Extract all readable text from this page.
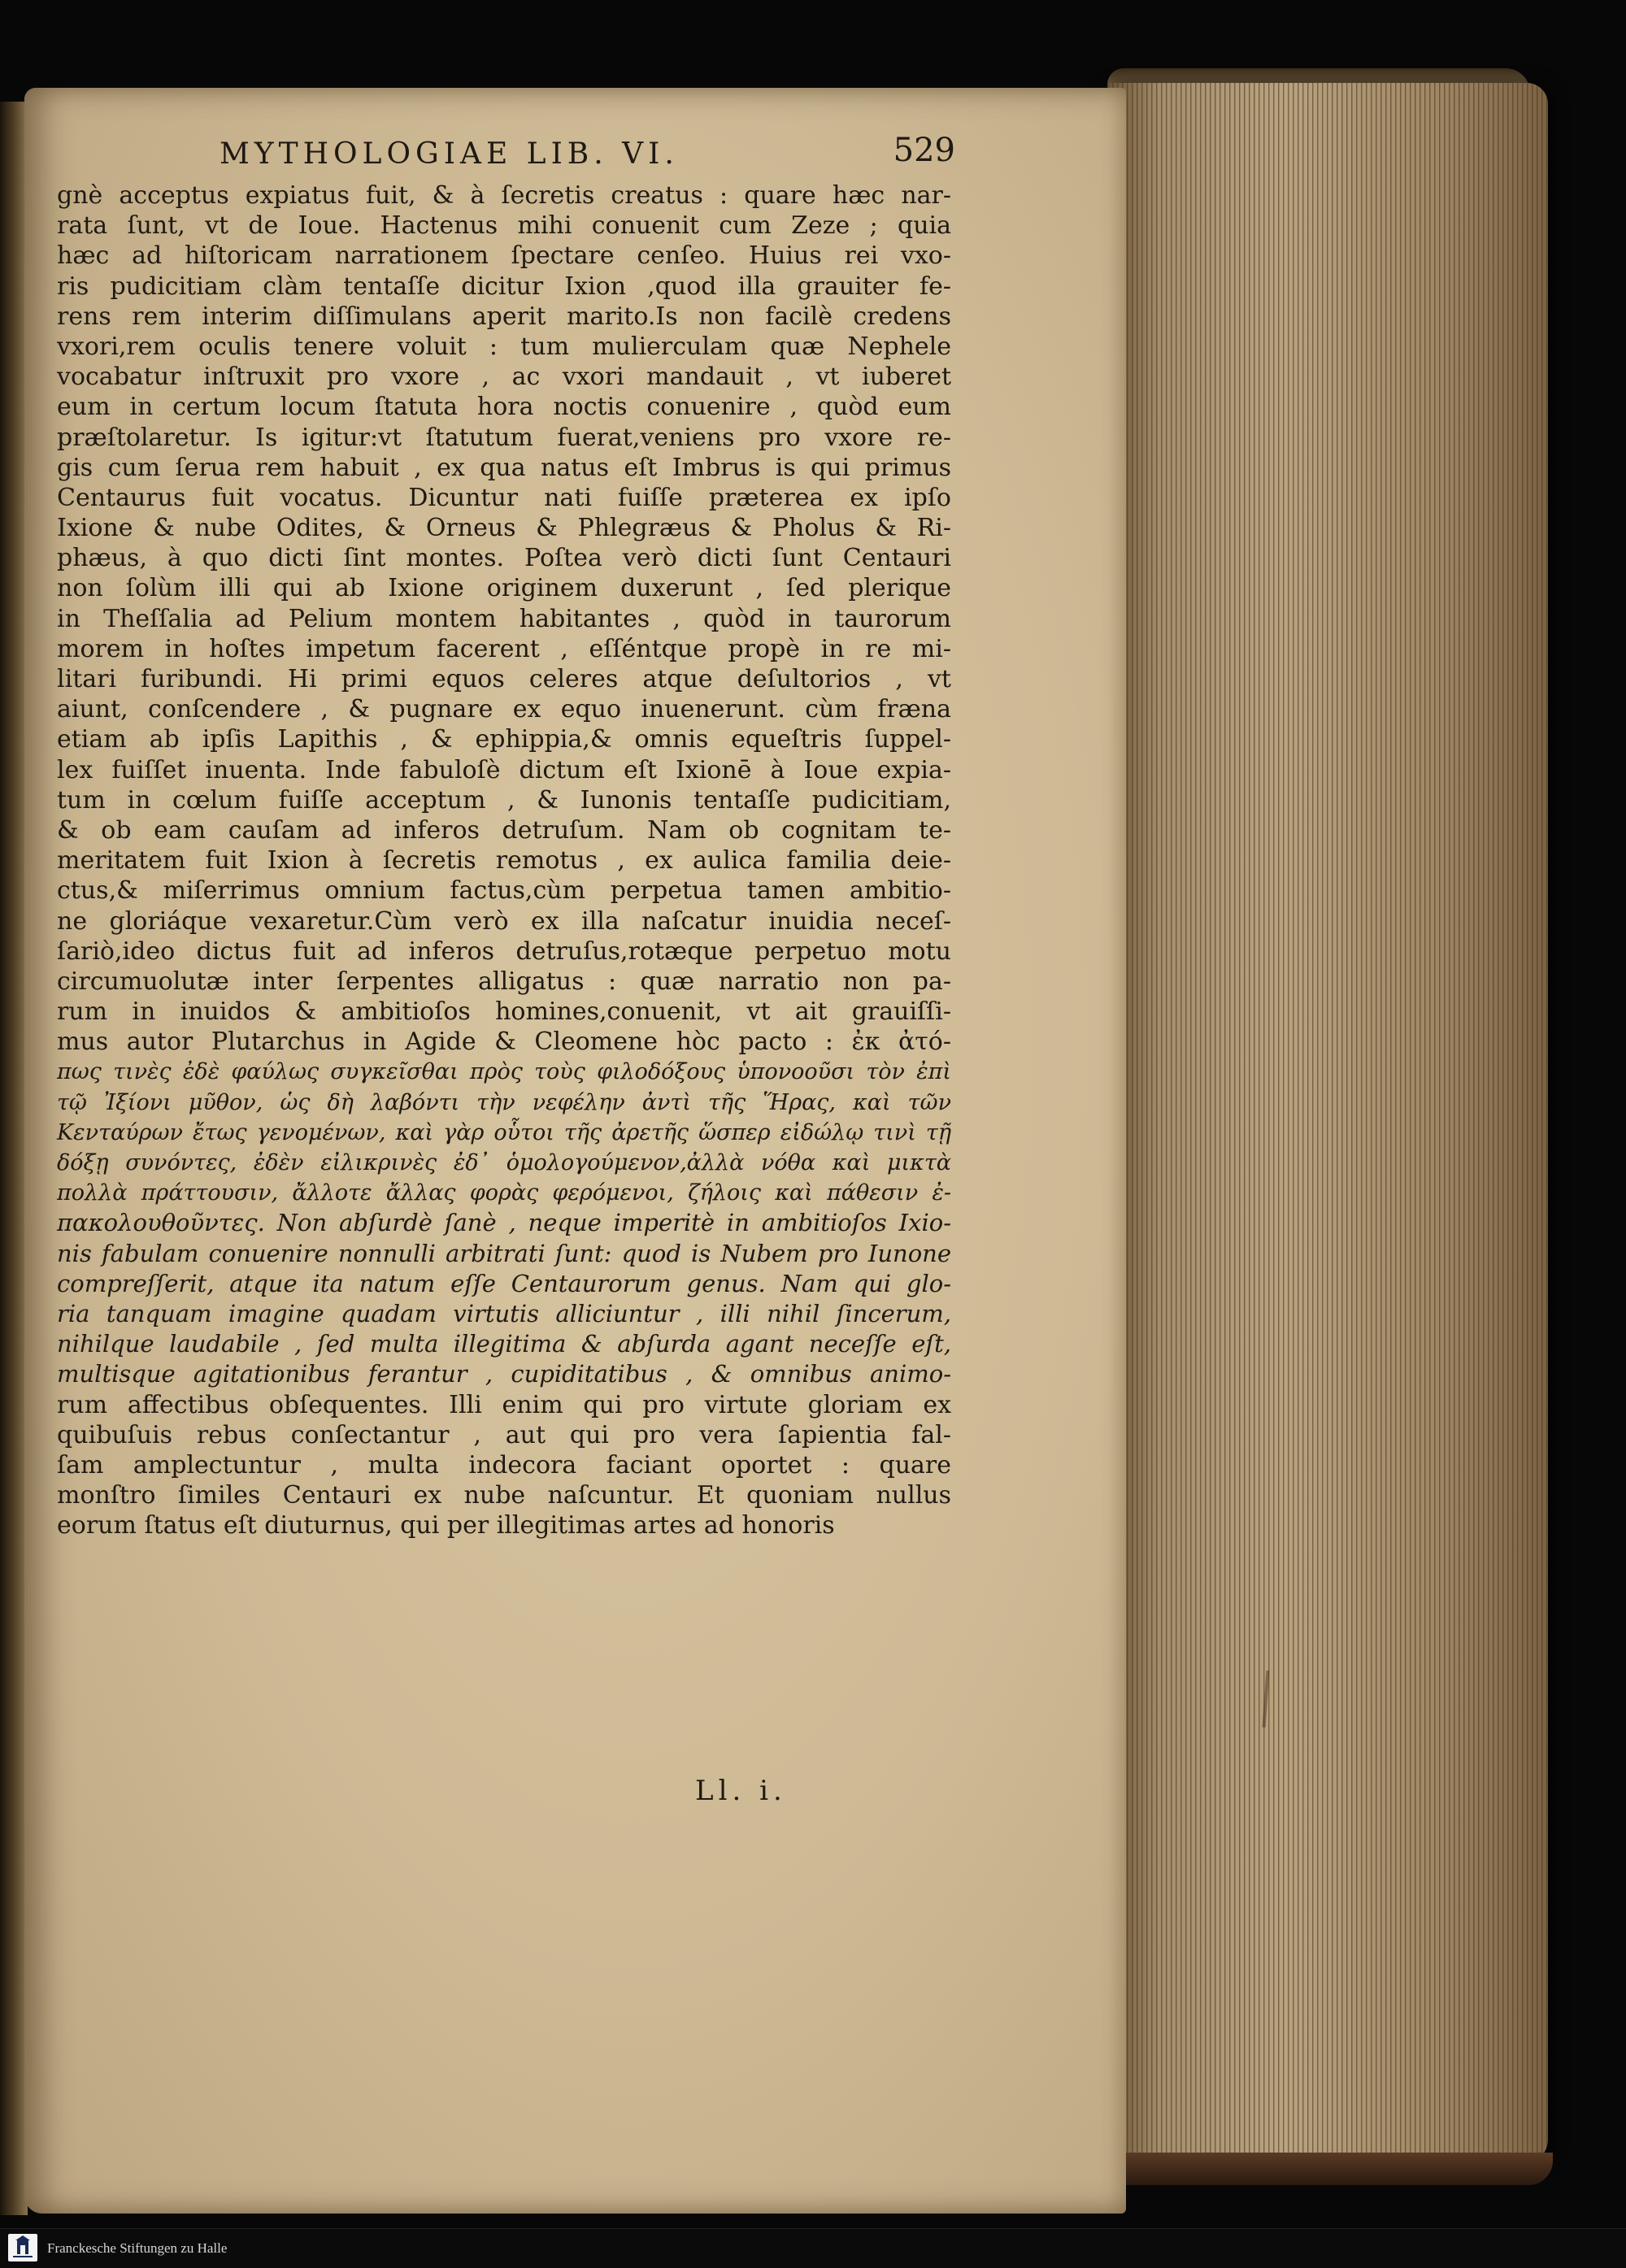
MYTHOLOGIAE LIB. VI.	529
gnè acceptus expiatus fuit, & à ſecretis creatus : quare hæc nar-
rata ſunt, vt de Ioue. Hactenus mihi conuenit cum Zeze ; quia
hæc ad hiſtoricam narrationem ſpectare cenſeo. Huius rei vxo-
ris pudicitiam clàm tentaſſe dicitur Ixion ,quod illa grauiter fe-
rens rem interim diſſimulans aperit marito.Is non facilè credens
vxori,rem oculis tenere voluit : tum mulierculam quæ Nephele
vocabatur inſtruxit pro vxore , ac vxori mandauit , vt iuberet
eum in certum locum ſtatuta hora noctis conuenire , quòd eum
præſtolaretur. Is igitur:vt ſtatutum fuerat,veniens pro vxore re-
gis cum ſerua rem habuit , ex qua natus eſt Imbrus is qui primus
Centaurus fuit vocatus. Dicuntur nati fuiſſe præterea ex ipſo
Ixione & nube Odites, & Orneus & Phlegræus & Pholus & Ri-
phæus, à quo dicti ſint montes. Poſtea verò dicti ſunt Centauri
non ſolùm illi qui ab Ixione originem duxerunt , ſed plerique
in Theſſalia ad Pelium montem habitantes , quòd in taurorum
morem in hoſtes impetum facerent , eſſéntque propè in re mi-
litari furibundi. Hi primi equos celeres atque deſultorios , vt
aiunt, conſcendere , & pugnare ex equo inuenerunt. cùm fræna
etiam ab ipſis Lapithis , & ephippia,& omnis equeſtris ſuppel-
lex fuiſſet inuenta. Inde fabuloſè dictum eſt Ixionē à Ioue expia-
tum in cœlum fuiſſe acceptum , & Iunonis tentaſſe pudicitiam,
& ob eam cauſam ad inferos detruſum. Nam ob cognitam te-
meritatem fuit Ixion à ſecretis remotus , ex aulica familia deie-
ctus,& miſerrimus omnium factus,cùm perpetua tamen ambitio-
ne gloriáque vexaretur.Cùm verò ex illa naſcatur inuidia neceſ-
ſariò,ideo dictus fuit ad inferos detruſus,rotæque perpetuo motu
circumuolutæ inter ſerpentes alligatus : quæ narratio non pa-
rum in inuidos & ambitioſos homines,conuenit, vt ait grauiſſi-
mus autor Plutarchus in Agide & Cleomene hòc pacto : ἐκ ἀτό-
πως τινὲς ἐδὲ φαύλως συγκεῖσθαι πρὸς τοὺς φιλοδόξους ὑπονοοῦσι τὸν ἐπὶ
τῷ Ἰξίονι μῦθον, ὡς δὴ λαβόντι τὴν νεφέλην ἀντὶ τῆς Ἥρας, καὶ τῶν
Κενταύρων ἔτως γενομένων, καὶ γὰρ οὗτοι τῆς ἀρετῆς ὥσπερ εἰδώλῳ τινὶ τῇ
δόξῃ συνόντες, ἐδὲν εἰλικρινὲς ἐδ᾽ ὁμολογούμενον,ἀλλὰ νόθα καὶ μικτὰ
πολλὰ πράττουσιν, ἄλλοτε ἄλλας φορὰς φερόμενοι, ζήλοις καὶ πάθεσιν ἐ-
πακολουθοῦντες. Non abſurdè ſanè , neque imperitè in ambitioſos Ixio-
nis fabulam conuenire nonnulli arbitrati ſunt: quod is Nubem pro Iunone
compreſſerit, atque ita natum eſſe Centaurorum genus. Nam qui glo-
ria tanquam imagine quadam virtutis alliciuntur , illi nihil ſincerum,
nihilque laudabile , ſed multa illegitima & abſurda agant neceſſe eſt,
multisque agitationibus ferantur , cupiditatibus , & omnibus animo-
rum affectibus obſequentes. Illi enim qui pro virtute gloriam ex
quibuſuis rebus conſectantur , aut qui pro vera ſapientia fal-
ſam amplectuntur , multa indecora faciant oportet : quare
monſtro ſimiles Centauri ex nube naſcuntur. Et quoniam nullus
eorum ſtatus eſt diuturnus, qui per illegitimas artes ad honoris
Ll. i.
Franckesche Stiftungen zu Halle
